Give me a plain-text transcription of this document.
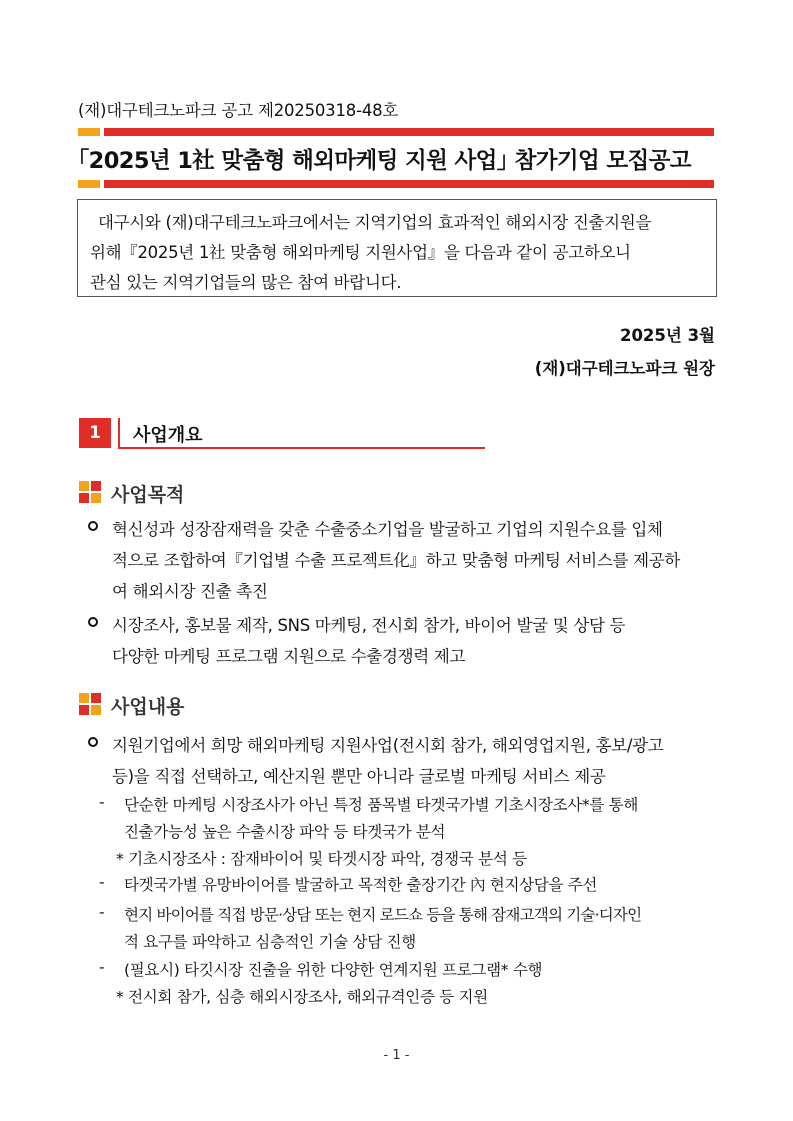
(재)대구테크노파크 공고 제20250318-48호
｢2025년 1社 맞춤형 해외마케팅 지원 사업｣ 참가기업 모집공고
대구시와 (재)대구테크노파크에서는 지역기업의 효과적인 해외시장 진출지원을
위해『2025년 1社 맞춤형 해외마케팅 지원사업』을 다음과 같이 공고하오니
관심 있는 지역기업들의 많은 참여 바랍니다.
2025년 3월
(재)대구테크노파크 원장
1	사업개요
사업목적
혁신성과 성장잠재력을 갖춘 수출중소기업을 발굴하고 기업의 지원수요를 입체
적으로 조합하여『기업별 수출 프로젝트化』하고 맞춤형 마케팅 서비스를 제공하
여 해외시장 진출 촉진
시장조사, 홍보물 제작, SNS 마케팅, 전시회 참가, 바이어 발굴 및 상담 등
다양한 마케팅 프로그램 지원으로 수출경쟁력 제고
사업내용
지원기업에서 희망 해외마케팅 지원사업(전시회 참가, 해외영업지원, 홍보/광고
등)을 직접 선택하고, 예산지원 뿐만 아니라 글로벌 마케팅 서비스 제공
- 단순한 마케팅 시장조사가 아닌 특정 품목별 타겟국가별 기초시장조사*를 통해
진출가능성 높은 수출시장 파악 등 타겟국가 분석
* 기초시장조사 : 잠재바이어 및 타겟시장 파악, 경쟁국 분석 등
- 타겟국가별 유망바이어를 발굴하고 목적한 출장기간 內 현지상담을 주선
- 현지 바이어를 직접 방문·상담 또는 현지 로드쇼 등을 통해 잠재고객의 기술·디자인
적 요구를 파악하고 심층적인 기술 상담 진행
- (필요시) 타깃시장 진출을 위한 다양한 연계지원 프로그램* 수행
* 전시회 참가, 심층 해외시장조사, 해외규격인증 등 지원
- 1 -
